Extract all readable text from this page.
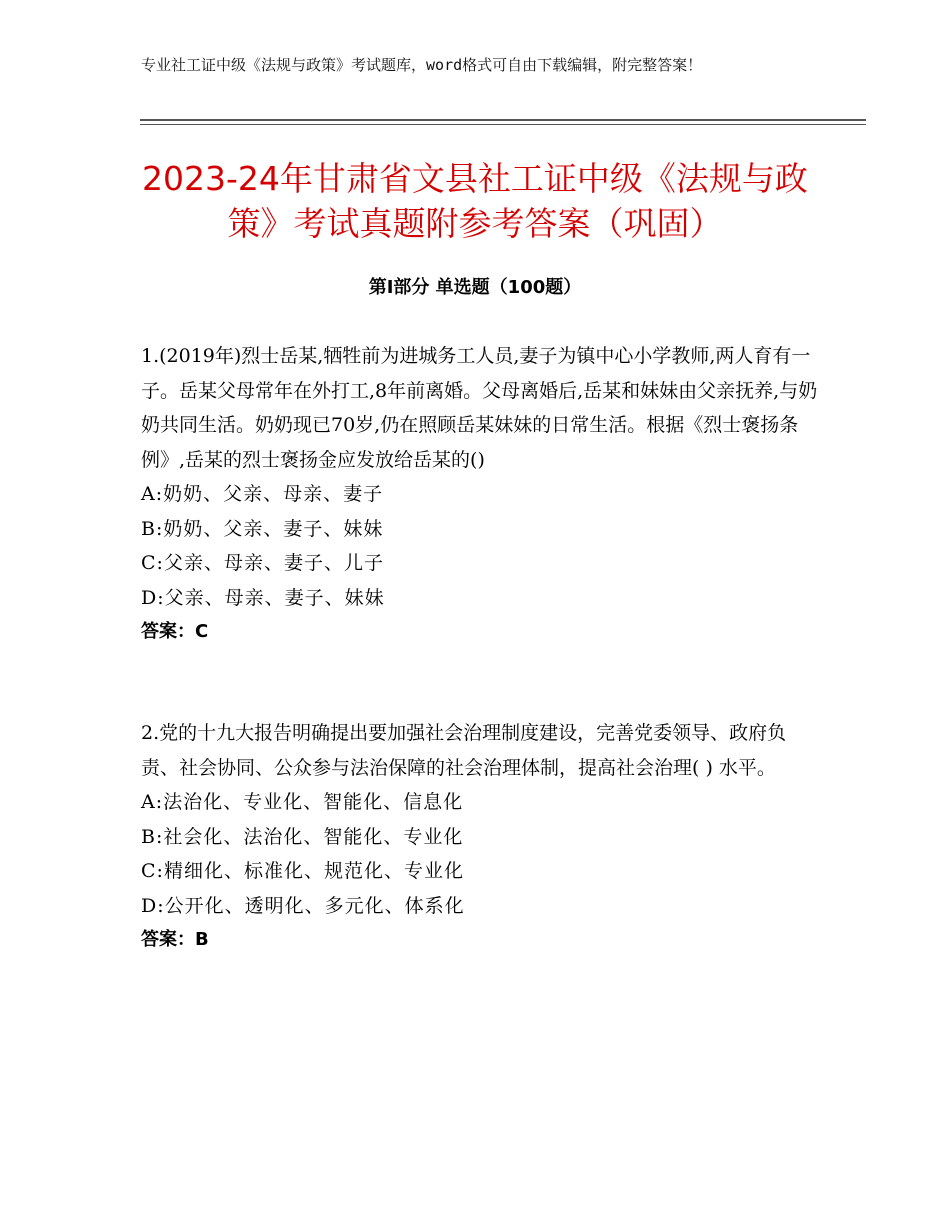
专业社工证中级《法规与政策》考试题库，word格式可自由下载编辑，附完整答案！
2023-24年甘肃省文县社工证中级《法规与政策》考试真题附参考答案（巩固）
第Ⅰ部分 单选题（100题）

1.(2019年)烈士岳某,牺牲前为进城务工人员,妻子为镇中心小学教师,两人育有一子。岳某父母常年在外打工,8年前离婚。父母离婚后,岳某和妹妹由父亲抚养,与奶奶共同生活。奶奶现已70岁,仍在照顾岳某妹妹的日常生活。根据《烈士褒扬条例》,岳某的烈士褒扬金应发放给岳某的()

A:奶奶、父亲、母亲、妻子

B:奶奶、父亲、妻子、妹妹

C:父亲、母亲、妻子、儿子

D:父亲、母亲、妻子、妹妹

答案：C

2.党的十九大报告明确提出要加强社会治理制度建设，完善党委领导、政府负责、社会协同、公众参与法治保障的社会治理体制，提高社会治理( ) 水平。

A:法治化、专业化、智能化、信息化

B:社会化、法治化、智能化、专业化

C:精细化、标准化、规范化、专业化

D:公开化、透明化、多元化、体系化

答案：B
